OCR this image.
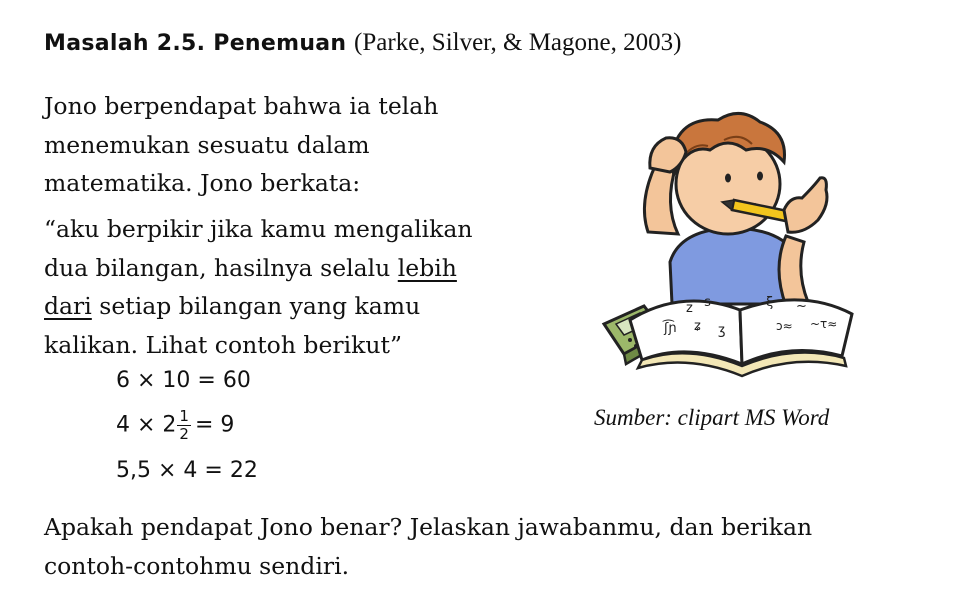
Masalah 2.5. Penemuan (Parke, Silver, & Magone, 2003)
Jono berpendapat bahwa ia telah
menemukan sesuatu dalam
matematika. Jono berkata:
“aku berpikir jika kamu mengalikan
dua bilangan, hasilnya selalu lebih
dari setiap bilangan yang kamu
kalikan. Lihat contoh berikut”
6 × 10 = 60
$4 \times 2 \frac{1}{2} = 9$
5,5 × 4 = 22
z ·s
ʃ͡ɲ ʑ ʒ
ξ ~
ɔ≈ ~τ≈
Sumber: clipart MS Word
Apakah pendapat Jono benar? Jelaskan jawabanmu, dan berikan
contoh-contohmu sendiri.
